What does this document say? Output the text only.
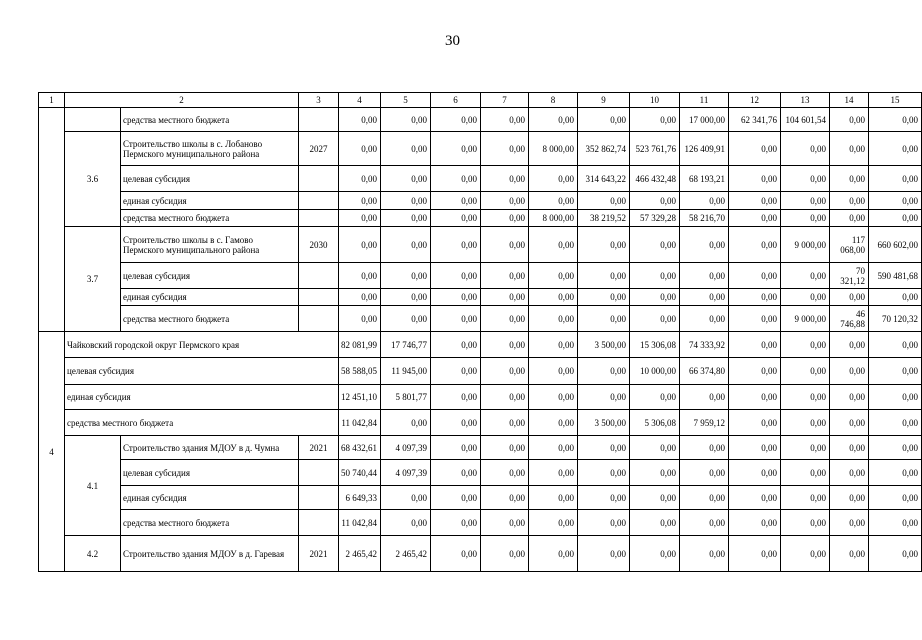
30
1	2		3	4	5	6	7	8	9	10	11	12	13	14	15
		средства местного бюджета		0,00	0,00	0,00	0,00	0,00	0,00	0,00	17 000,00	62 341,76	104 601,54	0,00	0,00
	3.6	Строительство школы в с. Лобаново Пермского муниципального района	2027	0,00	0,00	0,00	0,00	8 000,00	352 862,74	523 761,76	126 409,91	0,00	0,00	0,00	0,00
		целевая субсидия		0,00	0,00	0,00	0,00	0,00	314 643,22	466 432,48	68 193,21	0,00	0,00	0,00	0,00
		единая субсидия		0,00	0,00	0,00	0,00	0,00	0,00	0,00	0,00	0,00	0,00	0,00	0,00
		средства местного бюджета		0,00	0,00	0,00	0,00	8 000,00	38 219,52	57 329,28	58 216,70	0,00	0,00	0,00	0,00
	3.7	Строительство школы в с. Гамово Пермского муниципального района	2030	0,00	0,00	0,00	0,00	0,00	0,00	0,00	0,00	0,00	9 000,00	117 068,00	660 602,00
		целевая субсидия		0,00	0,00	0,00	0,00	0,00	0,00	0,00	0,00	0,00	0,00	70 321,12	590 481,68
		единая субсидия		0,00	0,00	0,00	0,00	0,00	0,00	0,00	0,00	0,00	0,00	0,00	0,00
		средства местного бюджета		0,00	0,00	0,00	0,00	0,00	0,00	0,00	0,00	0,00	9 000,00	46 746,88	70 120,32
4	Чайковский городской округ Пермского края			82 081,99	17 746,77	0,00	0,00	0,00	3 500,00	15 306,08	74 333,92	0,00	0,00	0,00	0,00
	целевая субсидия			58 588,05	11 945,00	0,00	0,00	0,00	0,00	10 000,00	66 374,80	0,00	0,00	0,00	0,00
	единая субсидия			12 451,10	5 801,77	0,00	0,00	0,00	0,00	0,00	0,00	0,00	0,00	0,00	0,00
	средства местного бюджета			11 042,84	0,00	0,00	0,00	0,00	3 500,00	5 306,08	7 959,12	0,00	0,00	0,00	0,00
	4.1	Строительство здания МДОУ в д. Чумна	2021	68 432,61	4 097,39	0,00	0,00	0,00	0,00	0,00	0,00	0,00	0,00	0,00	0,00
		целевая субсидия		50 740,44	4 097,39	0,00	0,00	0,00	0,00	0,00	0,00	0,00	0,00	0,00	0,00
		единая субсидия		6 649,33	0,00	0,00	0,00	0,00	0,00	0,00	0,00	0,00	0,00	0,00	0,00
		средства местного бюджета		11 042,84	0,00	0,00	0,00	0,00	0,00	0,00	0,00	0,00	0,00	0,00	0,00
	4.2	Строительство здания МДОУ в д. Гаревая	2021	2 465,42	2 465,42	0,00	0,00	0,00	0,00	0,00	0,00	0,00	0,00	0,00	0,00
